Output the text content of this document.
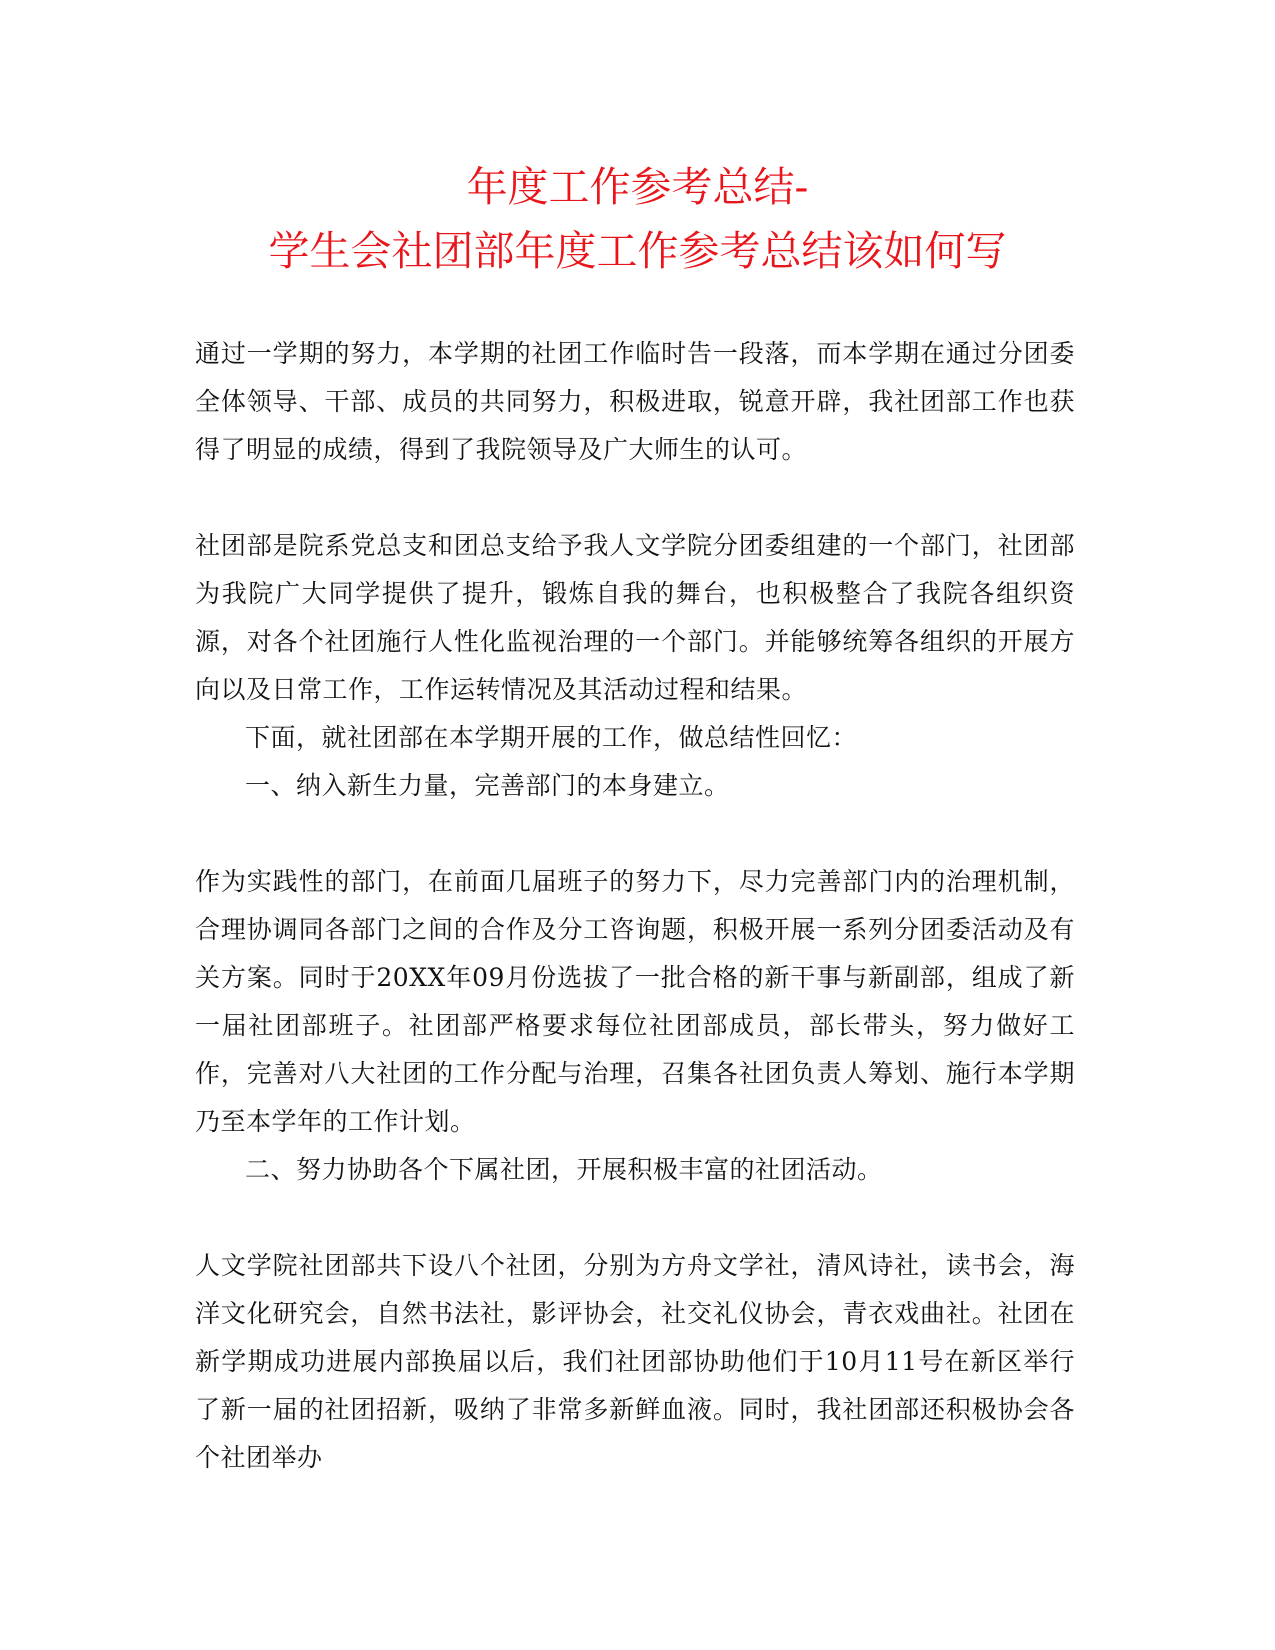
年度工作参考总结-
学生会社团部年度工作参考总结该如何写

通过一学期的努力，本学期的社团工作临时告一段落，而本学期在通过分团委全体领导、干部、成员的共同努力，积极进取，锐意开辟，我社团部工作也获得了明显的成绩，得到了我院领导及广大师生的认可。

社团部是院系党总支和团总支给予我人文学院分团委组建的一个部门，社团部为我院广大同学提供了提升，锻炼自我的舞台，也积极整合了我院各组织资源，对各个社团施行人性化监视治理的一个部门。并能够统筹各组织的开展方向以及日常工作，工作运转情况及其活动过程和结果。

下面，就社团部在本学期开展的工作，做总结性回忆：

一、纳入新生力量，完善部门的本身建立。

作为实践性的部门，在前面几届班子的努力下，尽力完善部门内的治理机制，合理协调同各部门之间的合作及分工咨询题，积极开展一系列分团委活动及有关方案。同时于20XX年09月份选拔了一批合格的新干事与新副部，组成了新一届社团部班子。社团部严格要求每位社团部成员，部长带头，努力做好工作，完善对八大社团的工作分配与治理，召集各社团负责人筹划、施行本学期乃至本学年的工作计划。

二、努力协助各个下属社团，开展积极丰富的社团活动。

人文学院社团部共下设八个社团，分别为方舟文学社，清风诗社，读书会，海洋文化研究会，自然书法社，影评协会，社交礼仪协会，青衣戏曲社。社团在新学期成功进展内部换届以后，我们社团部协助他们于10月11号在新区举行了新一届的社团招新，吸纳了非常多新鲜血液。同时，我社团部还积极协会各个社团举办
